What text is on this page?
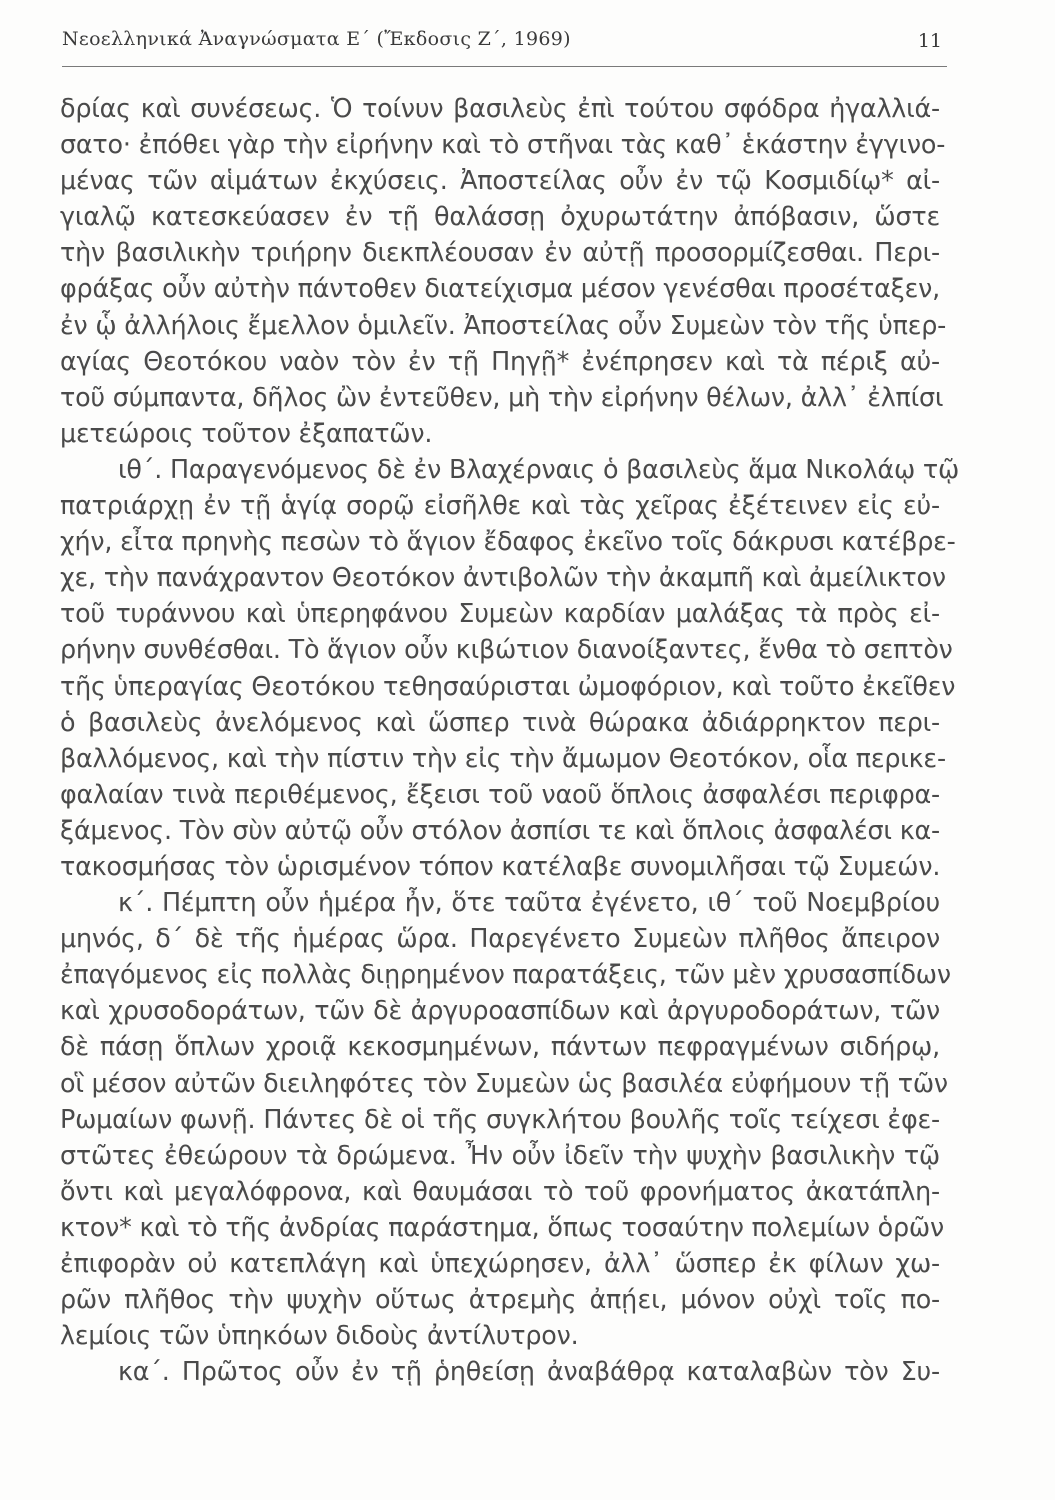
Νεοελληνικά Ἀναγνώσματα Ε΄ (Ἔκδοσις Ζ΄, 1969)	11
δρίας καὶ συνέσεως. Ὁ τοίνυν βασιλεὺς ἐπὶ τούτου σφόδρα ἠγαλλιά-
σατο· ἐπόθει γὰρ τὴν εἰρήνην καὶ τὸ στῆναι τὰς καθ᾽ ἑκάστην ἐγγινο-
μένας τῶν αἱμάτων ἐκχύσεις. Ἀποστείλας οὖν ἐν τῷ Κοσμιδίῳ* αἰ-
γιαλῷ κατεσκεύασεν ἐν τῇ θαλάσσῃ ὀχυρωτάτην ἀπόβασιν, ὥστε
τὴν βασιλικὴν τριήρην διεκπλέουσαν ἐν αὐτῇ προσορμίζεσθαι. Περι-
φράξας οὖν αὐτὴν πάντοθεν διατείχισμα μέσον γενέσθαι προσέταξεν,
ἐν ᾧ ἀλλήλοις ἔμελλον ὁμιλεῖν. Ἀποστείλας οὖν Συμεὼν τὸν τῆς ὑπερ-
αγίας Θεοτόκου ναὸν τὸν ἐν τῇ Πηγῇ* ἐνέπρησεν καὶ τὰ πέριξ αὐ-
τοῦ σύμπαντα, δῆλος ὢν ἐντεῦθεν, μὴ τὴν εἰρήνην θέλων, ἀλλ᾽ ἐλπίσι
μετεώροις τοῦτον ἐξαπατῶν.
ιθ΄. Παραγενόμενος δὲ ἐν Βλαχέρναις ὁ βασιλεὺς ἅμα Νικολάῳ τῷ
πατριάρχῃ ἐν τῇ ἁγίᾳ σορῷ εἰσῆλθε καὶ τὰς χεῖρας ἐξέτεινεν εἰς εὐ-
χήν, εἶτα πρηνὴς πεσὼν τὸ ἅγιον ἔδαφος ἐκεῖνο τοῖς δάκρυσι κατέβρε-
χε, τὴν πανάχραντον Θεοτόκον ἀντιβολῶν τὴν ἀκαμπῆ καὶ ἀμείλικτον
τοῦ τυράννου καὶ ὑπερηφάνου Συμεὼν καρδίαν μαλάξας τὰ πρὸς εἰ-
ρήνην συνθέσθαι. Τὸ ἅγιον οὖν κιβώτιον διανοίξαντες, ἔνθα τὸ σεπτὸν
τῆς ὑπεραγίας Θεοτόκου τεθησαύρισται ὠμοφόριον, καὶ τοῦτο ἐκεῖθεν
ὁ βασιλεὺς ἀνελόμενος καὶ ὥσπερ τινὰ θώρακα ἀδιάρρηκτον περι-
βαλλόμενος, καὶ τὴν πίστιν τὴν εἰς τὴν ἄμωμον Θεοτόκον, οἷα περικε-
φαλαίαν τινὰ περιθέμενος, ἔξεισι τοῦ ναοῦ ὅπλοις ἀσφαλέσι περιφρα-
ξάμενος. Τὸν σὺν αὐτῷ οὖν στόλον ἀσπίσι τε καὶ ὅπλοις ἀσφαλέσι κα-
τακοσμήσας τὸν ὡρισμένον τόπον κατέλαβε συνομιλῆσαι τῷ Συμεών.
κ΄. Πέμπτη οὖν ἡμέρα ἦν, ὅτε ταῦτα ἐγένετο, ιθ΄ τοῦ Νοεμβρίου
μηνός, δ΄ δὲ τῆς ἡμέρας ὥρα. Παρεγένετο Συμεὼν πλῆθος ἄπειρον
ἐπαγόμενος εἰς πολλὰς διῃρημένον παρατάξεις, τῶν μὲν χρυσασπίδων
καὶ χρυσοδοράτων, τῶν δὲ ἀργυροασπίδων καὶ ἀργυροδοράτων, τῶν
δὲ πάσῃ ὅπλων χροιᾷ κεκοσμημένων, πάντων πεφραγμένων σιδήρῳ,
οἳ μέσον αὐτῶν διειληφότες τὸν Συμεὼν ὡς βασιλέα εὐφήμουν τῇ τῶν
Ρωμαίων φωνῇ. Πάντες δὲ οἱ τῆς συγκλήτου βουλῆς τοῖς τείχεσι ἐφε-
στῶτες ἐθεώρουν τὰ δρώμενα. Ἦν οὖν ἰδεῖν τὴν ψυχὴν βασιλικὴν τῷ
ὄντι καὶ μεγαλόφρονα, καὶ θαυμάσαι τὸ τοῦ φρονήματος ἀκατάπλη-
κτον* καὶ τὸ τῆς ἀνδρίας παράστημα, ὅπως τοσαύτην πολεμίων ὁρῶν
ἐπιφορὰν οὐ κατεπλάγη καὶ ὑπεχώρησεν, ἀλλ᾽ ὥσπερ ἐκ φίλων χω-
ρῶν πλῆθος τὴν ψυχὴν οὕτως ἀτρεμὴς ἀπῄει, μόνον οὐχὶ τοῖς πο-
λεμίοις τῶν ὑπηκόων διδοὺς ἀντίλυτρον.
κα΄. Πρῶτος οὖν ἐν τῇ ῥηθείσῃ ἀναβάθρᾳ καταλαβὼν τὸν Συ-
